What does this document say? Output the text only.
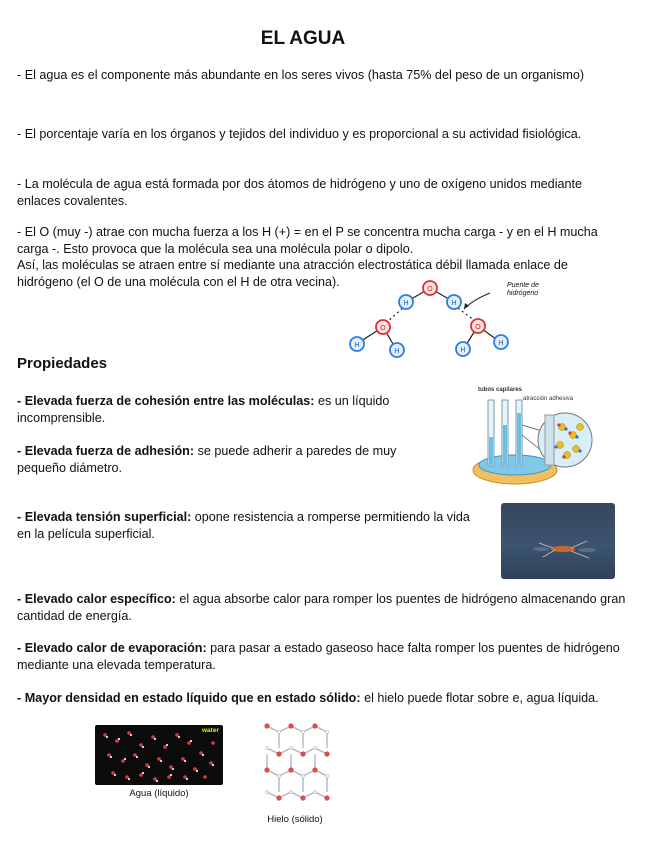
EL AGUA
- El agua es el componente más abundante en los seres vivos (hasta 75% del peso de un organismo)
- El porcentaje varía en los órganos y tejidos del individuo y es proporcional a su actividad fisiológica.
- La molécula de agua está formada por dos átomos de hidrógeno y uno de oxígeno unidos mediante enlaces covalentes.
- El O (muy -) atrae con mucha fuerza a los H (+) = en el P se concentra mucha carga - y en el H mucha carga -. Esto provoca que la molécula sea una molécula polar o dipolo.
Así, las moléculas se atraen entre sí mediante una atracción electrostática débil llamada enlace de hidrógeno (el O de una molécula con el H de otra vecina).
O
H	H
O
H
H
O
H
H
Puente de hidrógeno
Propiedades
- Elevada fuerza de cohesión entre las moléculas: es un líquido incomprensible.
- Elevada fuerza de adhesión: se puede adherir a paredes de muy pequeño diámetro.
- Elevada tensión superficial: opone resistencia a romperse permitiendo la vida en la película superficial.
- Elevado calor específico: el agua absorbe calor para romper los puentes de hidrógeno almacenando gran cantidad de energía.
- Elevado calor de evaporación: para pasar a estado gaseoso hace falta romper los puentes de hidrógeno mediante una elevada temperatura.
- Mayor densidad en estado líquido que en estado sólido: el hielo puede flotar sobre e, agua líquida.
tubos capilares
atracción adhesiva
water
Agua (líquido)
Hielo (sólido)
